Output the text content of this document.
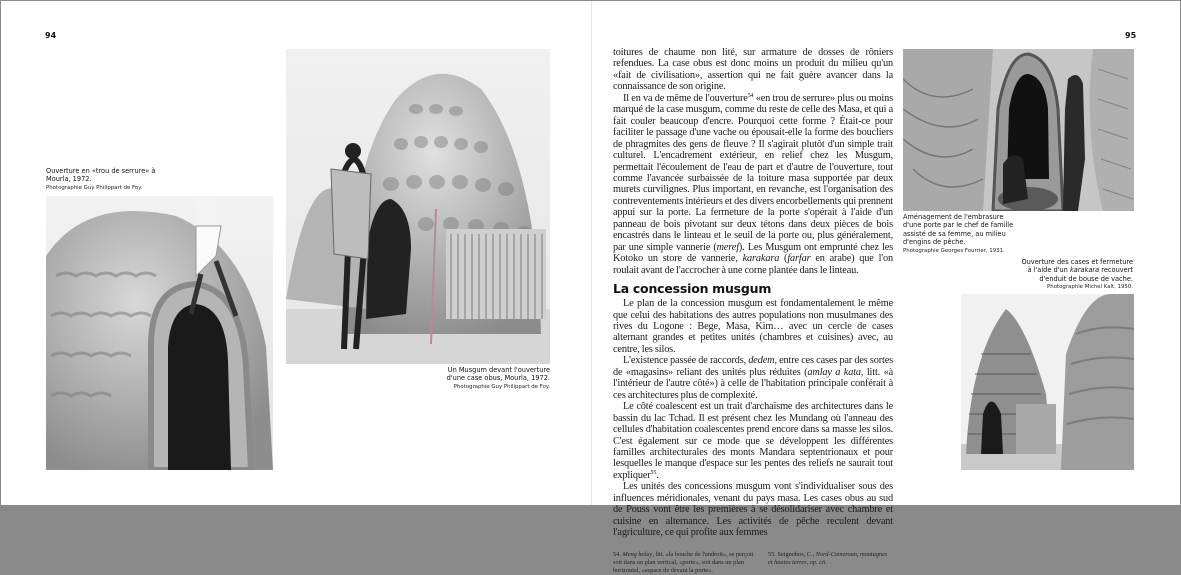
94	95
Ouverture en «trou de serrure» à
Mourla, 1972.
Photographie Guy Philippart de Foy.
Un Musgum devant l'ouverture
d'une case obus, Mourla, 1972.
Photographie Guy Philippart de Foy.

toitures de chaume non lité, sur armature de dosses de rôniers refendues. La case obus est donc moins un produit du milieu qu'un «fait de civilisation», assertion qui ne fait guère avancer dans la connaissance de son origine.

Il en va de même de l'ouverture$^{54}$ «en trou de serrure» plus ou moins marqué de la case musgum, comme du reste de celle des Masa, et qui a fait couler beaucoup d'encre. Pourquoi cette forme ? Était-ce pour faciliter le passage d'une vache ou épousait-elle la forme des boucliers de phragmites des gens de fleuve ? Il s'agirait plutôt d'un simple trait culturel. L'encadrement extérieur, en relief chez les Musgum, permettait l'écoulement de l'eau de part et d'autre de l'ouverture, tout comme l'avancée surbaissée de la toiture masa supportée par deux murets curvilignes. Plus important, en revanche, est l'organisation des contreventements intérieurs et des divers encorbellements qui prennent appui sur la porte. La fermeture de la porte s'opérait à l'aide d'un panneau de bois pivotant sur deux tétons dans deux pièces de bois encastrés dans le linteau et le seuil de la porte ou, plus généralement, par une simple vannerie (meref). Les Musgum ont emprunté chez les Kotoko un store de vannerie, karakara (farfar en arabe) que l'on roulait avant de l'accrocher à une corne plantée dans le linteau.

La concession musgum

Le plan de la concession musgum est fondamentalement le même que celui des habitations des autres populations non musulmanes des rives du Logone : Bege, Masa, Kim… avec un cercle de cases alternant grandes et petites unités (chambres et cuisines) avec, au centre, les silos.

L'existence passée de raccords, dedem, entre ces cases par des sortes de «magasins» reliant des unités plus réduites (amlay a kata, litt. «à l'intérieur de l'autre côté») à celle de l'habitation principale conférait à ces architectures plus de complexité.

Le côté coalescent est un trait d'archaïsme des architectures dans le bassin du lac Tchad. Il est présent chez les Mundang où l'anneau des cellules d'habitation coalescentes prend encore dans sa masse les silos. C'est également sur ce mode que se développent les différentes familles architecturales des monts Mandara septentrionaux et pour lesquelles le manque d'espace sur les pentes des reliefs ne saurait tout expliquer$^{55}$.

Les unités des concessions musgum vont s'individualiser sous des influences méridionales, venant du pays masa. Les cases obus au sud de Pouss vont être les premières à se désolidariser avec chambre et cuisine en alternance. Les activités de pêche reculent devant l'agriculture, ce qui profite aux femmes

54. Meng holay, litt. «la bouche de l'endroit», se perçoit soit dans un plan vertical, «porte», soit dans un plan horizontal, «espace de devant la porte».
55. Seignobos, C., Nord-Cameroun, montagnes et hautes terres, op. cit.
Aménagement de l'embrasure
d'une porte par le chef de famille
assisté de sa femme, au milieu
d'engins de pêche.
Photographie Georges Fourrier, 1931.
Ouverture des cases et fermeture
à l'aide d'un karakara recouvert
d'enduit de bouse de vache.
Photographie Michel Kalt, 1950.
